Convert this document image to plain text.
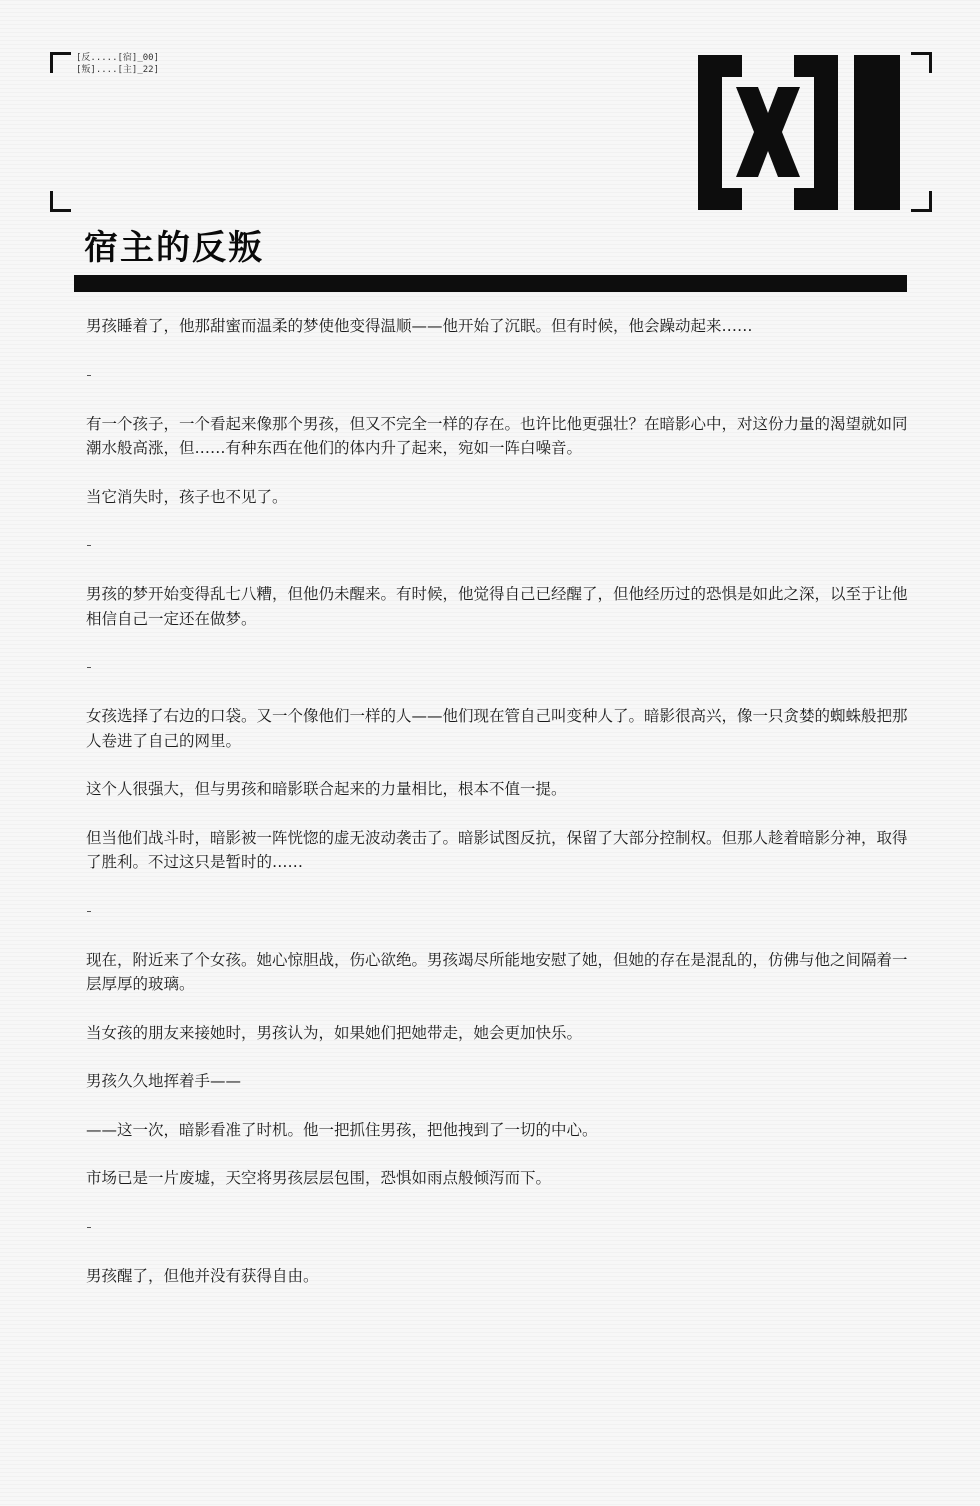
[反.....[宿]_00]
[叛]....[主]_22]
宿主的反叛

男孩睡着了，他那甜蜜而温柔的梦使他变得温顺——他开始了沉眠。但有时候，他会躁动起来……

有一个孩子，一个看起来像那个男孩，但又不完全一样的存在。也许比他更强壮？在暗影心中，对这份力量的渴望就如同潮水般高涨，但……有种东西在他们的体内升了起来，宛如一阵白噪音。

当它消失时，孩子也不见了。

男孩的梦开始变得乱七八糟，但他仍未醒来。有时候，他觉得自己已经醒了，但他经历过的恐惧是如此之深，以至于让他相信自己一定还在做梦。

女孩选择了右边的口袋。又一个像他们一样的人——他们现在管自己叫变种人了。暗影很高兴，像一只贪婪的蜘蛛般把那人卷进了自己的网里。

这个人很强大，但与男孩和暗影联合起来的力量相比，根本不值一提。

但当他们战斗时，暗影被一阵恍惚的虚无波动袭击了。暗影试图反抗，保留了大部分控制权。但那人趁着暗影分神，取得了胜利。不过这只是暂时的……

现在，附近来了个女孩。她心惊胆战，伤心欲绝。男孩竭尽所能地安慰了她，但她的存在是混乱的，仿佛与他之间隔着一层厚厚的玻璃。

当女孩的朋友来接她时，男孩认为，如果她们把她带走，她会更加快乐。

男孩久久地挥着手——

——这一次，暗影看准了时机。他一把抓住男孩，把他拽到了一切的中心。

市场已是一片废墟，天空将男孩层层包围，恐惧如雨点般倾泻而下。

男孩醒了，但他并没有获得自由。
